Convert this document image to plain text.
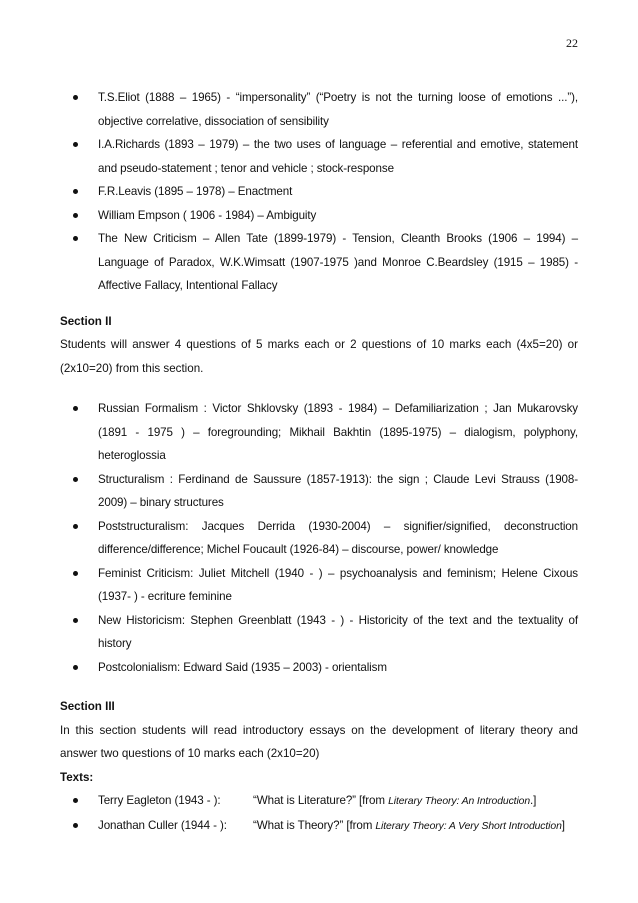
22
T.S.Eliot (1888 – 1965) - “impersonality” (“Poetry is not the turning loose of emotions ...”), objective correlative, dissociation of sensibility
I.A.Richards (1893 – 1979) – the two uses of language – referential and emotive, statement and pseudo-statement ; tenor and vehicle ; stock-response
F.R.Leavis (1895 – 1978) – Enactment
William Empson ( 1906 - 1984) – Ambiguity
The New Criticism – Allen Tate (1899-1979) - Tension, Cleanth Brooks (1906 – 1994) – Language of Paradox, W.K.Wimsatt (1907-1975 )and Monroe C.Beardsley (1915 – 1985) - Affective Fallacy, Intentional Fallacy

Section II

Students will answer 4 questions of 5 marks each or 2 questions of 10 marks each (4x5=20) or (2x10=20) from this section.

Russian Formalism : Victor Shklovsky (1893 - 1984) – Defamiliarization ; Jan Mukarovsky (1891 - 1975 ) – foregrounding; Mikhail Bakhtin (1895-1975) – dialogism, polyphony, heteroglossia
Structuralism : Ferdinand de Saussure (1857-1913): the sign ; Claude Levi Strauss (1908-2009) – binary structures
Poststructuralism: Jacques Derrida (1930-2004) – signifier/signified, deconstruction difference/difference; Michel Foucault (1926-84) – discourse, power/ knowledge
Feminist Criticism: Juliet Mitchell (1940 - ) – psychoanalysis and feminism; Helene Cixous (1937- ) - ecriture feminine
New Historicism: Stephen Greenblatt (1943 - ) - Historicity of the text and the textuality of history
Postcolonialism: Edward Said (1935 – 2003) - orientalism

Section III

In this section students will read introductory essays on the development of literary theory and answer two questions of 10 marks each (2x10=20)

Texts:

Terry Eagleton (1943 - ):	“What is Literature?” [from Literary Theory: An Introduction.]
Jonathan Culler (1944 - ):	“What is Theory?” [from Literary Theory: A Very Short Introduction]
